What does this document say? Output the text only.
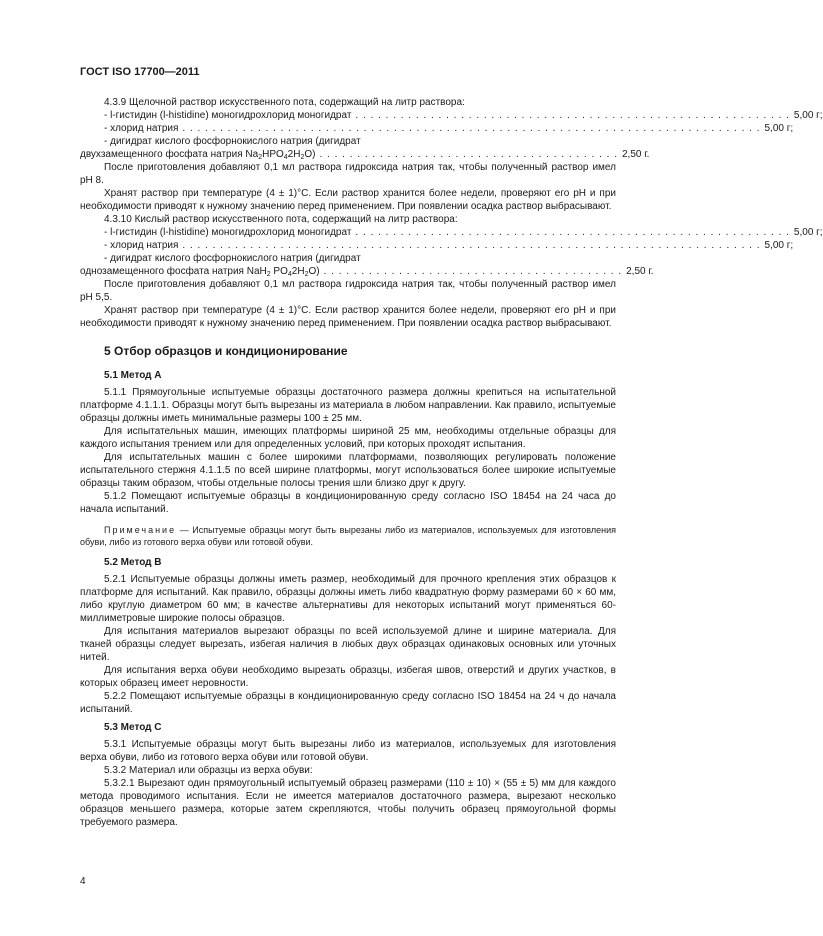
ГОСТ ISO 17700—2011
4.3.9 Щелочной раствор искусственного пота, содержащий на литр раствора:
- l-гистидин (l-histidine) моногидрохлорид моногидрат . . . . . . . . . . . . . . . . . . . . . . . . . . . . . . . . . . . . . . . . . . . . . . . . . . . . . . . . . . 5,00 г;
- хлорид натрия . . . . . . . . . . . . . . . . . . . . . . . . . . . . . . . . . . . . . . . . . . . . . . . . . . . . . . . . . . . . . . . . . . . . . . . . . . . . . 5,00 г;
- дигидрат кислого фосфорнокислого натрия (дигидрат
двухзамещенного фосфата натрия $Na_2HPO_42H_2O$) . . . . . . . . . . . . . . . . . . . . . . . . . . . . . . . . . . . . . . . . 2,50 г.
После приготовления добавляют 0,1 мл раствора гидроксида натрия так, чтобы полученный раствор имел рН 8.
Хранят раствор при температуре (4 ± 1)°С. Если раствор хранится более недели, проверяют его рН и при необходимости приводят к нужному значению перед применением. При появлении осадка раствор выбрасывают.
4.3.10 Кислый раствор искусственного пота, содержащий на литр раствора:
- l-гистидин (l-histidine) моногидрохлорид моногидрат . . . . . . . . . . . . . . . . . . . . . . . . . . . . . . . . . . . . . . . . . . . . . . . . . . . . . . . . . . 5,00 г;
- хлорид натрия . . . . . . . . . . . . . . . . . . . . . . . . . . . . . . . . . . . . . . . . . . . . . . . . . . . . . . . . . . . . . . . . . . . . . . . . . . . . . 5,00 г;
- дигидрат кислого фосфорнокислого натрия (дигидрат
однозамещенного фосфата натрия NaH$_2$ $PO_42H_2O$) . . . . . . . . . . . . . . . . . . . . . . . . . . . . . . . . . . . . . . . . 2,50 г.
После приготовления добавляют 0,1 мл раствора гидроксида натрия так, чтобы полученный раствор имел рН 5,5.
Хранят раствор при температуре (4 ± 1)°С. Если раствор хранится более недели, проверяют его рН и при необходимости приводят к нужному значению перед применением. При появлении осадка раствор выбрасывают.
5 Отбор образцов и кондиционирование
5.1 Метод А
5.1.1 Прямоугольные испытуемые образцы достаточного размера должны крепиться на испытательной платформе 4.1.1.1. Образцы могут быть вырезаны из материала в любом направлении. Как правило, испытуемые образцы должны иметь минимальные размеры 100 ± 25 мм.
Для испытательных машин, имеющих платформы шириной 25 мм, необходимы отдельные образцы для каждого испытания трением или для определенных условий, при которых проходят испытания.
Для испытательных машин с более широкими платформами, позволяющих регулировать положение испытательного стержня 4.1.1.5 по всей ширине платформы, могут использоваться более широкие испытуемые образцы таким образом, чтобы отдельные полосы трения шли близко друг к другу.
5.1.2 Помещают испытуемые образцы в кондиционированную среду согласно ISO 18454 на 24 часа до начала испытаний.
Примечание — Испытуемые образцы могут быть вырезаны либо из материалов, используемых для изготовления обуви, либо из готового верха обуви или готовой обуви.
5.2 Метод В
5.2.1 Испытуемые образцы должны иметь размер, необходимый для прочного крепления этих образцов к платформе для испытаний. Как правило, образцы должны иметь либо квадратную форму размерами 60 × 60 мм, либо круглую диаметром 60 мм; в качестве альтернативы для некоторых испытаний могут применяться 60-миллиметровые широкие полосы образцов.
Для испытания материалов вырезают образцы по всей используемой длине и ширине материала. Для тканей образцы следует вырезать, избегая наличия в любых двух образцах одинаковых основных или уточных нитей.
Для испытания верха обуви необходимо вырезать образцы, избегая швов, отверстий и других участков, в которых образец имеет неровности.
5.2.2 Помещают испытуемые образцы в кондиционированную среду согласно ISO 18454 на 24 ч до начала испытаний.
5.3 Метод С
5.3.1 Испытуемые образцы могут быть вырезаны либо из материалов, используемых для изготовления верха обуви, либо из готового верха обуви или готовой обуви.
5.3.2 Материал или образцы из верха обуви:
5.3.2.1 Вырезают один прямоугольный испытуемый образец размерами (110 ± 10) × (55 ± 5) мм для каждого метода проводимого испытания. Если не имеется материалов достаточного размера, вырезают несколько образцов меньшего размера, которые затем скрепляются, чтобы получить образец прямоугольной формы требуемого размера.
4
